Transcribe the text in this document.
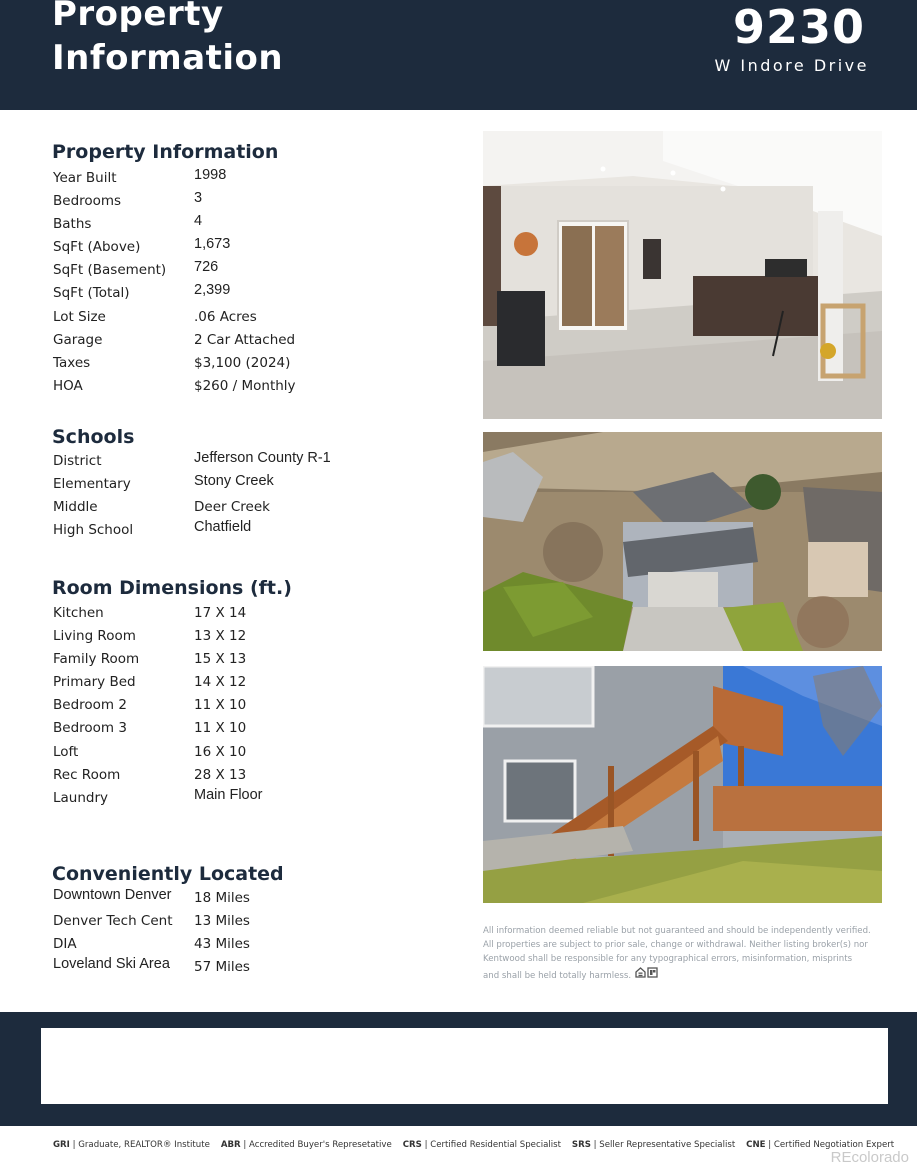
Property
Information
9230
W Indore Drive
Property Information
Year Built	1998
Bedrooms	3
Baths	4
SqFt (Above)	1,673
SqFt (Basement) 726
SqFt (Total)	2,399
Lot Size	.06 Acres
Garage	2 Car Attached
Taxes	$3,100 (2024)
HOA	$260 / Monthly
Schools
District	Jefferson County R-1
Elementary	Stony Creek
Middle	Deer Creek
High School	Chatfield
Room Dimensions (ft.)
Kitchen	17 X 14
Living Room	13 X 12
Family Room	15 X 13
Primary Bed	14 X 12
Bedroom 2	11 X 10
Bedroom 3	11 X 10
Loft	16 X 10
Rec Room	28 X 13
Laundry	Main Floor
Conveniently Located
Downtown Denver 18 Miles
Denver Tech Cent 13 Miles
DIA	43 Miles
Loveland Ski Area 57 Miles
All information deemed reliable but not guaranteed and should be independently verified.
All properties are subject to prior sale, change or withdrawal. Neither listing broker(s) nor
Kentwood shall be responsible for any typographical errors, misinformation, misprints
and shall be held totally harmless.
GRI | Graduate, REALTOR® Institute ABR | Accredited Buyer's Represetative CRS | Certified Residential Specialist SRS | Seller Representative Specialist CNE | Certified Negotiation Expert
REcolorado
